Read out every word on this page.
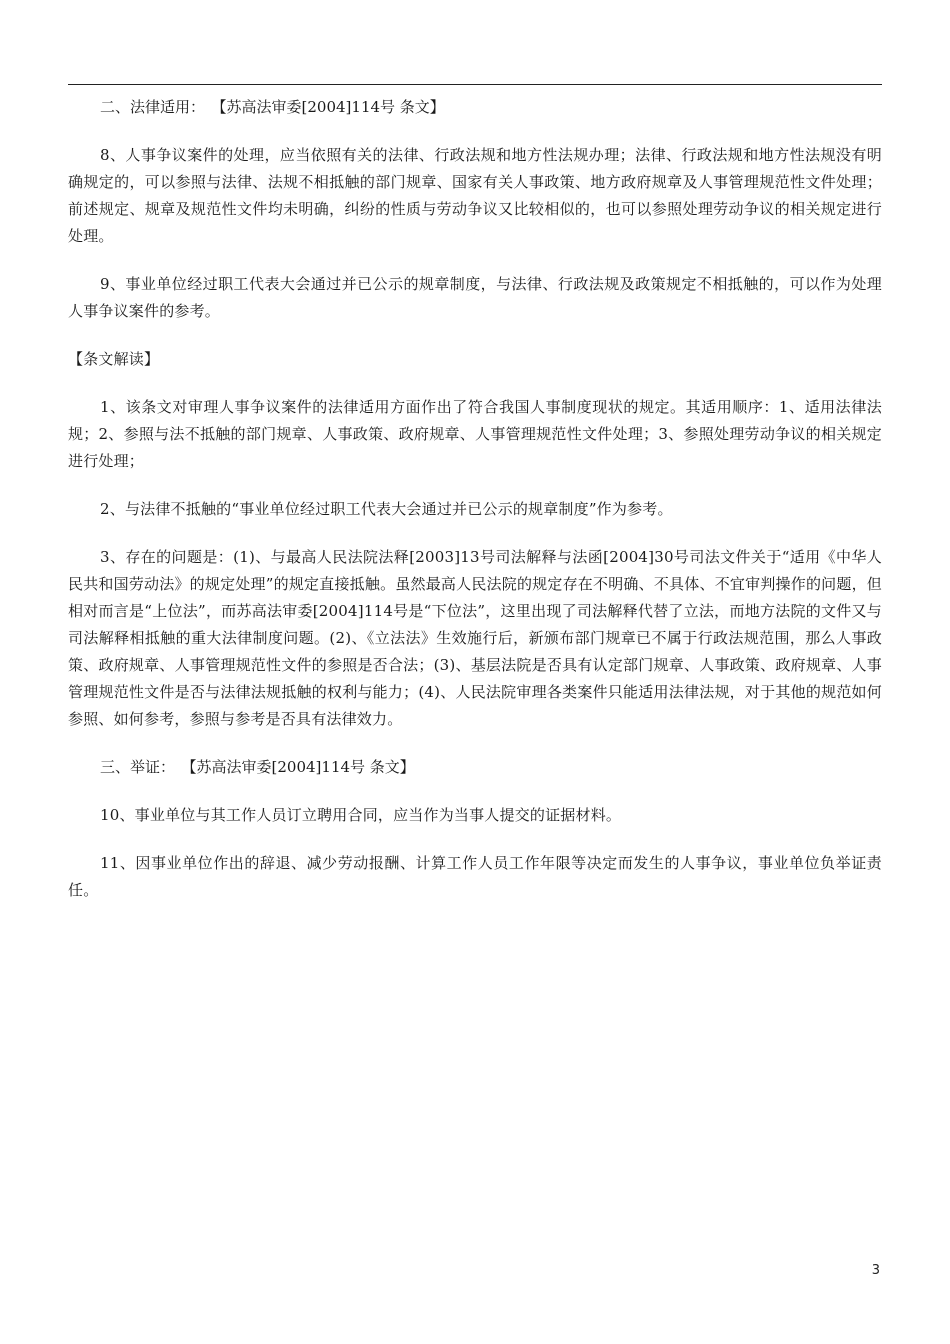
二、法律适用： 【苏高法审委[2004]114号 条文】

8、人事争议案件的处理，应当依照有关的法律、行政法规和地方性法规办理；法律、行政法规和地方性法规没有明确规定的，可以参照与法律、法规不相抵触的部门规章、国家有关人事政策、地方政府规章及人事管理规范性文件处理；前述规定、规章及规范性文件均未明确，纠纷的性质与劳动争议又比较相似的，也可以参照处理劳动争议的相关规定进行处理。

9、事业单位经过职工代表大会通过并已公示的规章制度，与法律、行政法规及政策规定不相抵触的，可以作为处理人事争议案件的参考。

【条文解读】

1、该条文对审理人事争议案件的法律适用方面作出了符合我国人事制度现状的规定。其适用顺序：1、适用法律法规；2、参照与法不抵触的部门规章、人事政策、政府规章、人事管理规范性文件处理；3、参照处理劳动争议的相关规定进行处理；

2、与法律不抵触的“事业单位经过职工代表大会通过并已公示的规章制度”作为参考。

3、存在的问题是：(1)、与最高人民法院法释[2003]13号司法解释与法函[2004]30号司法文件关于“适用《中华人民共和国劳动法》的规定处理”的规定直接抵触。虽然最高人民法院的规定存在不明确、不具体、不宜审判操作的问题，但相对而言是“上位法”，而苏高法审委[2004]114号是“下位法”，这里出现了司法解释代替了立法，而地方法院的文件又与司法解释相抵触的重大法律制度问题。(2)、《立法法》生效施行后，新颁布部门规章已不属于行政法规范围，那么人事政策、政府规章、人事管理规范性文件的参照是否合法；(3)、基层法院是否具有认定部门规章、人事政策、政府规章、人事管理规范性文件是否与法律法规抵触的权利与能力；(4)、人民法院审理各类案件只能适用法律法规，对于其他的规范如何参照、如何参考，参照与参考是否具有法律效力。

三、举证： 【苏高法审委[2004]114号 条文】

10、事业单位与其工作人员订立聘用合同，应当作为当事人提交的证据材料。

11、因事业单位作出的辞退、减少劳动报酬、计算工作人员工作年限等决定而发生的人事争议，事业单位负举证责任。

3
